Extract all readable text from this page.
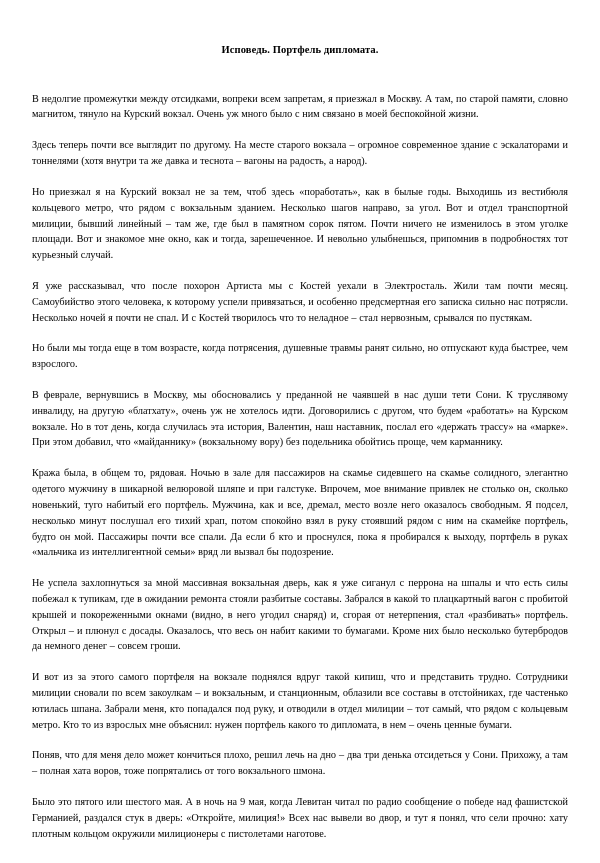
Исповедь. Портфель дипломата.

В недолгие промежутки между отсидками, вопреки всем запретам, я приезжал в Москву. А там, по старой памяти, словно магнитом, тянуло на Курский вокзал. Очень уж много было с ним связано в моей беспокойной жизни.

Здесь теперь почти все выглядит по другому. На месте старого вокзала – огромное современное здание с эскалаторами и тоннелями (хотя внутри та же давка и теснота – вагоны на радость, а народ).

Но приезжал я на Курский вокзал не за тем, чтоб здесь «поработать», как в былые годы. Выходишь из вестибюля кольцевого метро, что рядом с вокзальным зданием. Несколько шагов направо, за угол. Вот и отдел транспортной милиции, бывший линейный – там же, где был в памятном сорок пятом. Почти ничего не изменилось в этом уголке площади. Вот и знакомое мне окно, как и тогда, зарешеченное. И невольно улыбнешься, припомнив в подробностях тот курьезный случай.

Я уже рассказывал, что после похорон Артиста мы с Костей уехали в Электросталь. Жили там почти месяц. Самоубийство этого человека, к которому успели привязаться, и особенно предсмертная его записка сильно нас потрясли. Несколько ночей я почти не спал. И с Костей творилось что то неладное – стал нервозным, срывался по пустякам.

Но были мы тогда еще в том возрасте, когда потрясения, душевные травмы ранят сильно, но отпускают куда быстрее, чем взрослого.

В феврале, вернувшись в Москву, мы обосновались у преданной не чаявшей в нас души тети Сони. К труслявому инвалиду, на другую «блатхату», очень уж не хотелось идти. Договорились с другом, что будем «работать» на Курском вокзале. Но в тот день, когда случилась эта история, Валентин, наш наставник, послал его «держать трассу» на «марке». При этом добавил, что «майданнику» (вокзальному вору) без подельника обойтись проще, чем карманнику.

Кража была, в общем то, рядовая. Ночью в зале для пассажиров на скамье сидевшего на скамье солидного, элегантно одетого мужчину в шикарной велюровой шляпе и при галстуке. Впрочем, мое внимание привлек не столько он, сколько новенький, туго набитый его портфель. Мужчина, как и все, дремал, место возле него оказалось свободным. Я подсел, несколько минут послушал его тихий храп, потом спокойно взял в руку стоявший рядом с ним на скамейке портфель, будто он мой. Пассажиры почти все спали. Да если б кто и проснулся, пока я пробирался к выходу, портфель в руках «мальчика из интеллигентной семьи» вряд ли вызвал бы подозрение.

Не успела захлопнуться за мной массивная вокзальная дверь, как я уже сиганул с перрона на шпалы и что есть силы побежал к тупикам, где в ожидании ремонта стояли разбитые составы. Забрался в какой то плацкартный вагон с пробитой крышей и покореженными окнами (видно, в него угодил снаряд) и, сгорая от нетерпения, стал «разбивать» портфель. Открыл – и плюнул с досады. Оказалось, что весь он набит какими то бумагами. Кроме них было несколько бутербродов да немного денег – совсем гроши.

И вот из за этого самого портфеля на вокзале поднялся вдруг такой кипиш, что и представить трудно. Сотрудники милиции сновали по всем закоулкам – и вокзальным, и станционным, облазили все составы в отстойниках, где частенько ютилась шпана. Забрали меня, кто попадался под руку, и отводили в отдел милиции – тот самый, что рядом с кольцевым метро. Кто то из взрослых мне объяснил: нужен портфель какого то дипломата, в нем – очень ценные бумаги.

Поняв, что для меня дело может кончиться плохо, решил лечь на дно – два три денька отсидеться у Сони. Прихожу, а там – полная хата воров, тоже попрятались от того вокзального шмона.

Было это пятого или шестого мая. А в ночь на 9 мая, когда Левитан читал по радио сообщение о победе над фашистской Германией, раздался стук в дверь: «Откройте, милиция!» Всех нас вывели во двор, и тут я понял, что сели прочно: хату плотным кольцом окружили милиционеры с пистолетами наготове.
